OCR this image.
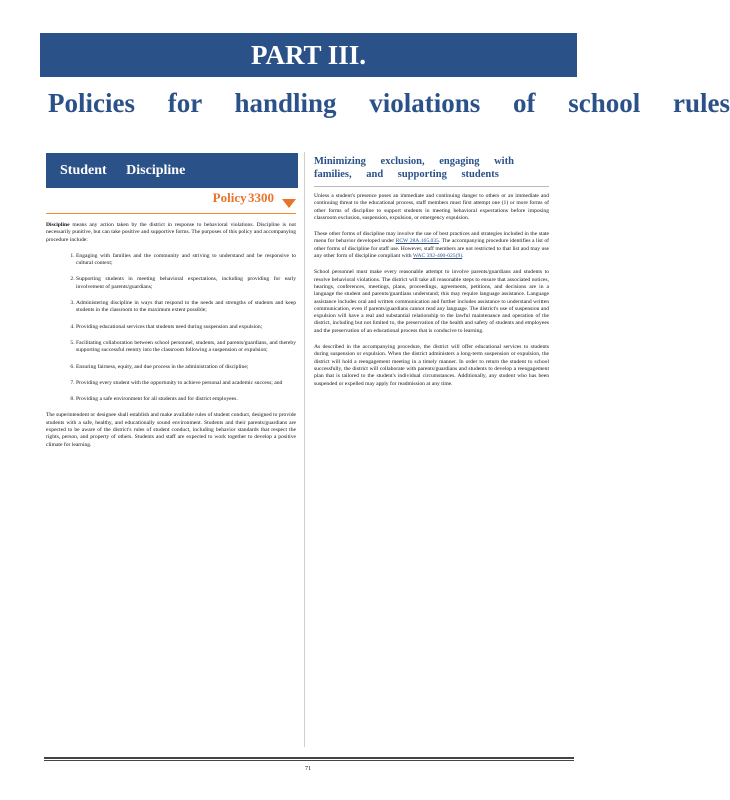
PART III.
Policies for handling violations of school rules
Student Discipline
Policy 3300

Discipline means any action taken by the district in response to behavioral violations. Discipline is not necessarily punitive, but can take positive and supportive forms. The purposes of this policy and accompanying procedure include:

1. Engaging with families and the community and striving to understand and be responsive to cultural context;
2. Supporting students in meeting behavioral expectations, including providing for early involvement of parents/guardians;
3. Administering discipline in ways that respond to the needs and strengths of students and keep students in the classroom to the maximum extent possible;
4. Providing educational services that students need during suspension and expulsion;
5. Facilitating collaboration between school personnel, students, and parents/guardians, and thereby supporting successful reentry into the classroom following a suspension or expulsion;
6. Ensuring fairness, equity, and due process in the administration of discipline;
7. Providing every student with the opportunity to achieve personal and academic success; and
8. Providing a safe environment for all students and for district employees.

The superintendent or designee shall establish and make available rules of student conduct, designed to provide students with a safe, healthy, and educationally sound environment. Students and their parents/guardians are expected to be aware of the district's rules of student conduct, including behavior standards that respect the rights, person, and property of others. Students and staff are expected to work together to develop a positive climate for learning.

Minimizing exclusion, engaging with families, and supporting students

Unless a student's presence poses an immediate and continuing danger to others or an immediate and continuing threat to the educational process, staff members must first attempt one (1) or more forms of other forms of discipline to support students in meeting behavioral expectations before imposing classroom exclusion, suspension, expulsion, or emergency expulsion.

These other forms of discipline may involve the use of best practices and strategies included in the state menu for behavior developed under RCW 28A.165.035. The accompanying procedure identifies a list of other forms of discipline for staff use. However, staff members are not restricted to that list and may use any other form of discipline compliant with WAC 392-400-025(9).

School personnel must make every reasonable attempt to involve parents/guardians and students to resolve behavioral violations. The district will take all reasonable steps to ensure that associated notices, hearings, conferences, meetings, plans, proceedings, agreements, petitions, and decisions are in a language the student and parents/guardians understand; this may require language assistance. Language assistance includes oral and written communication and further includes assistance to understand written communication, even if parents/guardians cannot read any language. The district's use of suspension and expulsion will have a real and substantial relationship to the lawful maintenance and operation of the district, including but not limited to, the preservation of the health and safety of students and employees and the preservation of an educational process that is conducive to learning.

As described in the accompanying procedure, the district will offer educational services to students during suspension or expulsion. When the district administers a long-term suspension or expulsion, the district will hold a reengagement meeting in a timely manner. In order to return the student to school successfully, the district will collaborate with parents/guardians and students to develop a reengagement plan that is tailored to the student's individual circumstances. Additionally, any student who has been suspended or expelled may apply for readmission at any time.

71
